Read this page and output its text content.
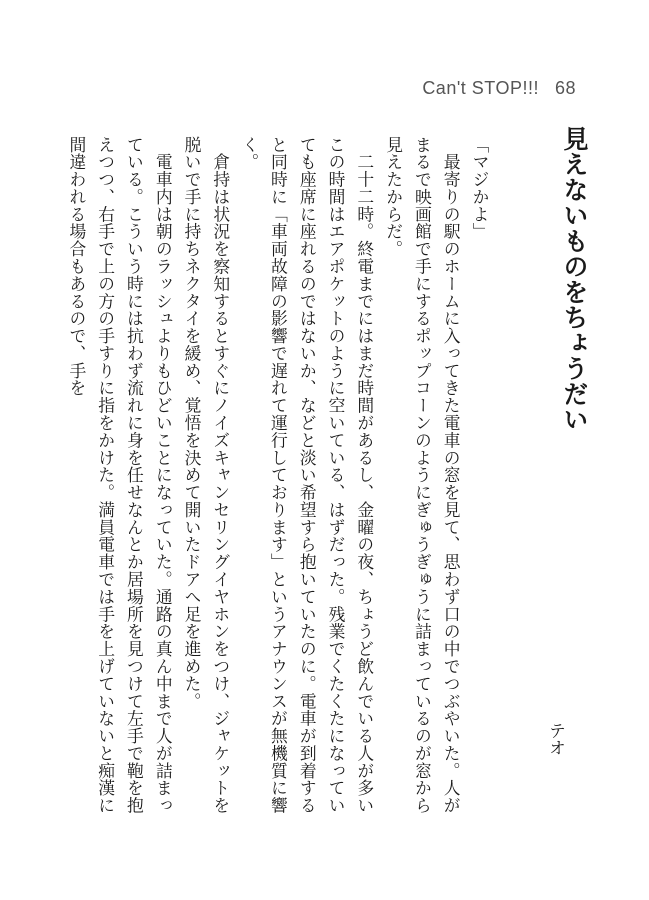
Can't STOP!!! 68
見えないものをちょうだい
テオ

「マジかよ」

　最寄りの駅のホームに入ってきた電車の窓を見て、思わず口の中でつぶやいた。人がまるで映画館で手にするポップコーンのようにぎゅうぎゅうに詰まっているのが窓から見えたからだ。

　二十二時。終電までにはまだ時間があるし、金曜の夜、ちょうど飲んでいる人が多いこの時間はエアポケットのように空いている、はずだった。残業でくたくたになっていても座席に座れるのではないか、などと淡い希望すら抱いていたのに。電車が到着すると同時に「車両故障の影響で遅れて運行しております」というアナウンスが無機質に響く。

　倉持は状況を察知するとすぐにノイズキャンセリングイヤホンをつけ、ジャケットを脱いで手に持ちネクタイを緩め、覚悟を決めて開いたドアへ足を進めた。

　電車内は朝のラッシュよりもひどいことになっていた。通路の真ん中まで人が詰まっている。こういう時には抗わず流れに身を任せなんとか居場所を見つけて左手で鞄を抱えつつ、右手で上の方の手すりに指をかけた。満員電車では手を上げていないと痴漢に間違われる場合もあるので、手を
